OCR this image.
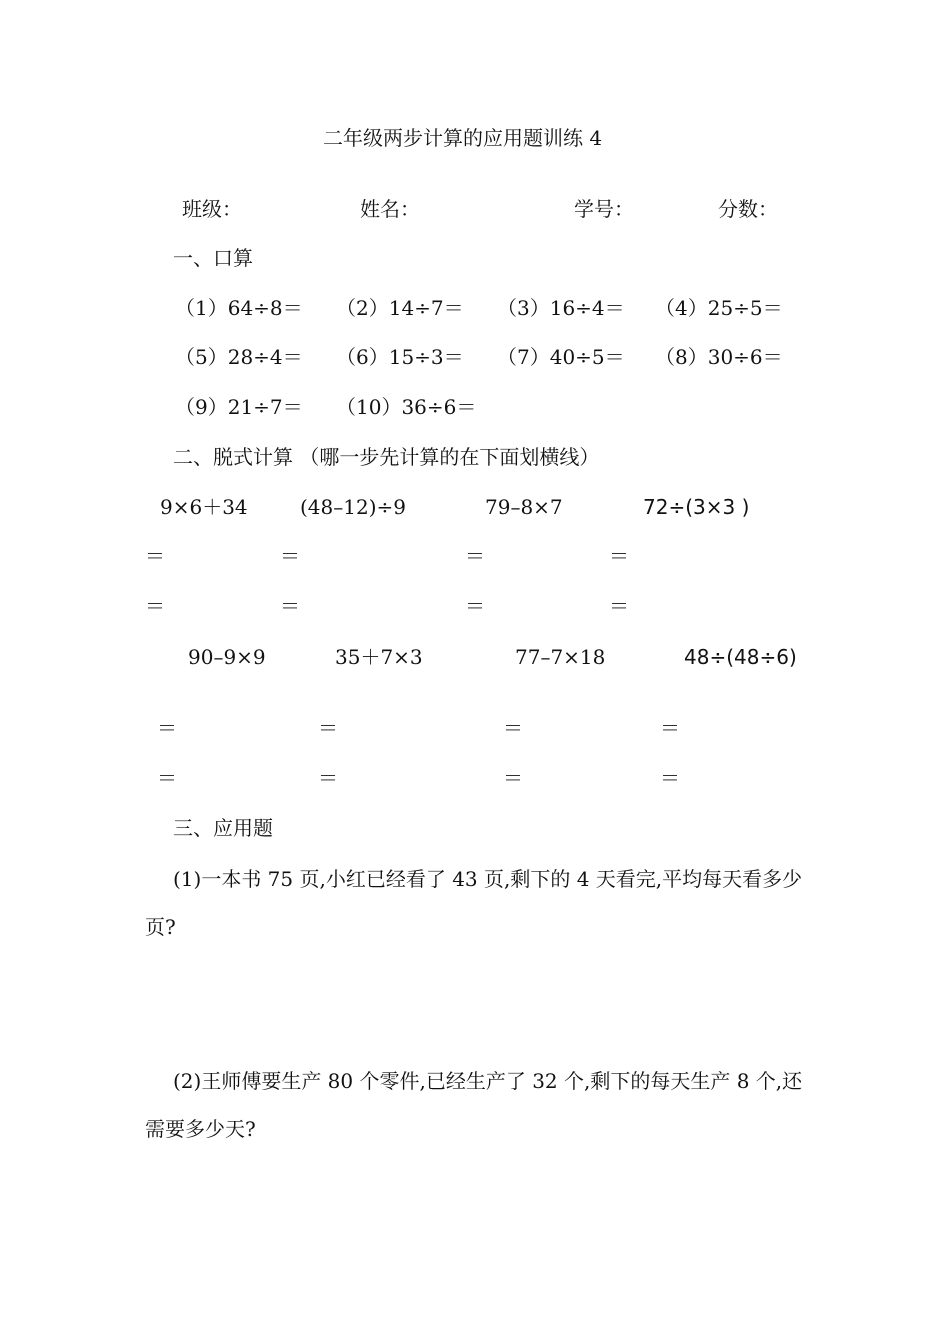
二年级两步计算的应用题训练 4
班级：	姓名：	学号：	分数：
一、口算
（1）64÷8＝ （2）14÷7＝ （3）16÷4＝ （4）25÷5＝
（5）28÷4＝ （6）15÷3＝ （7）40÷5＝ （8）30÷6＝
（9）21÷7＝ （10）36÷6＝
二、脱式计算 （哪一步先计算的在下面划横线）
9×6＋34	(48–12)÷9	79–8×7	72÷(3×3 )
＝	＝	＝	＝
＝	＝	＝	＝
90–9×9	35＋7×3	77–7×18	48÷(48÷6)
＝	＝	＝	＝
＝	＝	＝	＝
三、应用题
(1)一本书 75 页,小红已经看了 43 页,剩下的 4 天看完,平均每天看多少页?
(2)王师傅要生产 80 个零件,已经生产了 32 个,剩下的每天生产 8 个,还需要多少天?
